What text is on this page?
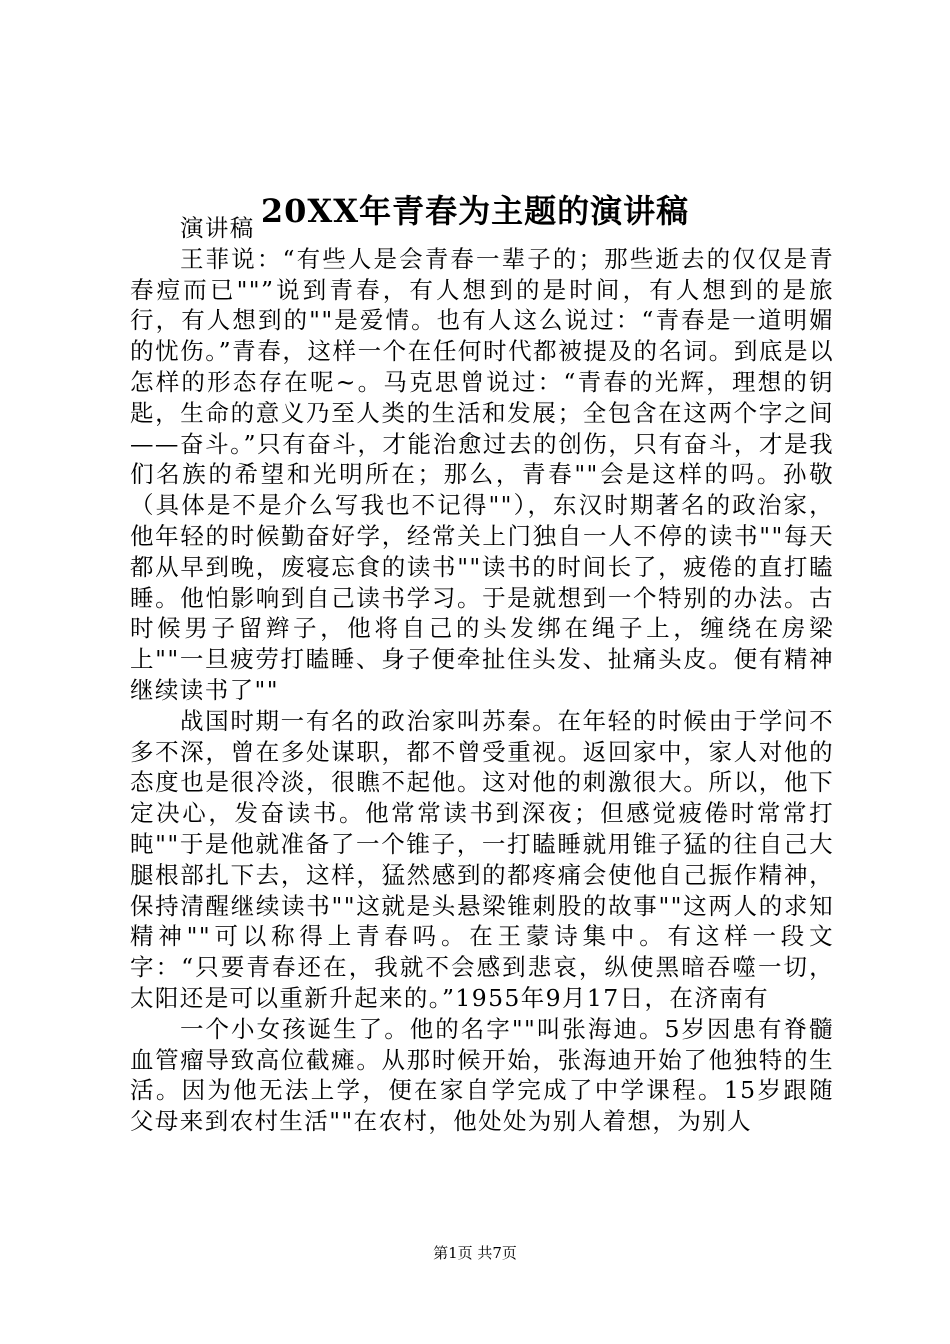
20XX年青春为主题的演讲稿

演讲稿

王菲说：“有些人是会青春一辈子的；那些逝去的仅仅是青春痘而已""”说到青春，有人想到的是时间，有人想到的是旅行，有人想到的""是爱情。也有人这么说过：“青春是一道明媚的忧伤。”青春，这样一个在任何时代都被提及的名词。到底是以怎样的形态存在呢~。马克思曾说过：“青春的光辉，理想的钥匙，生命的意义乃至人类的生活和发展；全包含在这两个字之间——奋斗。”只有奋斗，才能治愈过去的创伤，只有奋斗，才是我们名族的希望和光明所在；那么，青春""会是这样的吗。孙敬（具体是不是介么写我也不记得""），东汉时期著名的政治家，他年轻的时候勤奋好学，经常关上门独自一人不停的读书""每天都从早到晚，废寝忘食的读书""读书的时间长了，疲倦的直打瞌睡。他怕影响到自己读书学习。于是就想到一个特别的办法。古时候男子留辫子，他将自己的头发绑在绳子上，缠绕在房梁上""一旦疲劳打瞌睡、身子便牵扯住头发、扯痛头皮。便有精神继续读书了""

战国时期一有名的政治家叫苏秦。在年轻的时候由于学问不多不深，曾在多处谋职，都不曾受重视。返回家中，家人对他的态度也是很冷淡，很瞧不起他。这对他的刺激很大。所以，他下定决心，发奋读书。他常常读书到深夜；但感觉疲倦时常常打盹""于是他就准备了一个锥子，一打瞌睡就用锥子猛的往自己大腿根部扎下去，这样，猛然感到的都疼痛会使他自己振作精神，保持清醒继续读书""这就是头悬梁锥刺股的故事""这两人的求知精神""可以称得上青春吗。在王蒙诗集中。有这样一段文字：“只要青春还在，我就不会感到悲哀，纵使黑暗吞噬一切，太阳还是可以重新升起来的。”1955年9月17日，在济南有

一个小女孩诞生了。他的名字""叫张海迪。5岁因患有脊髓血管瘤导致高位截瘫。从那时候开始，张海迪开始了他独特的生活。因为他无法上学，便在家自学完成了中学课程。15岁跟随父母来到农村生活""在农村，他处处为别人着想，为别人

第1页 共7页
